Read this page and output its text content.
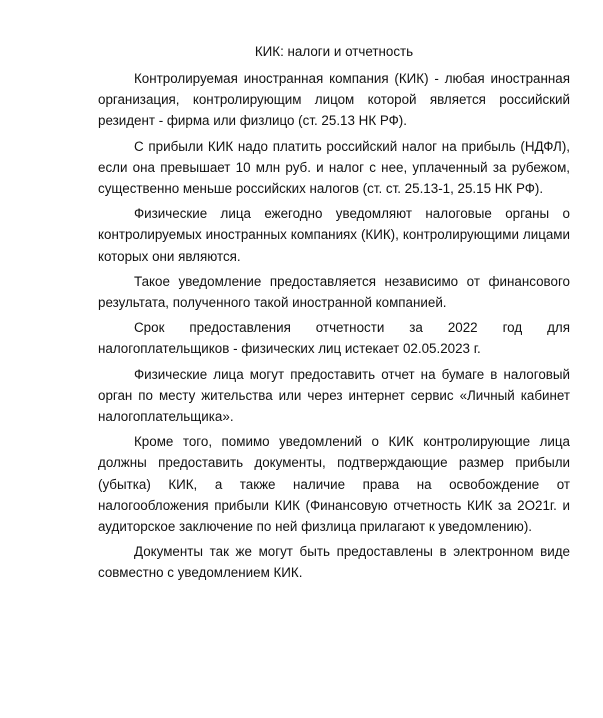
КИК: налоги и отчетность

Контролируемая иностранная компания (КИК) - любая иностранная организация, контролирующим лицом которой является российский резидент - фирма или физлицо (ст. 25.13 НК РФ).

С прибыли КИК надо платить российский налог на прибыль (НДФЛ), если она превышает 10 млн руб. и налог с нее, уплаченный за рубежом, существенно меньше российских налогов (ст. ст. 25.13-1, 25.15 НК РФ).

Физические лица ежегодно уведомляют налоговые органы о контролируемых иностранных компаниях (КИК), контролирующими лицами которых они являются.

Такое уведомление предоставляется независимо от финансового результата, полученного такой иностранной компанией.

Срок предоставления отчетности за 2022 год для налогоплательщиков - физических лиц истекает 02.05.2023 г.

Физические лица могут предоставить отчет на бумаге в налоговый орган по месту жительства или через интернет сервис «Личный кабинет налогоплательщика».

Кроме того, помимо уведомлений о КИК контролирующие лица должны предоставить документы, подтверждающие размер прибыли (убытка) КИК, а также наличие права на освобождение от налогообложения прибыли КИК (Финансовую отчетность КИК за 2O21г. и аудиторское заключение по ней физлица прилагают к уведомлению).

Документы так же могут быть предоставлены в электронном виде совместно с уведомлением КИК.
